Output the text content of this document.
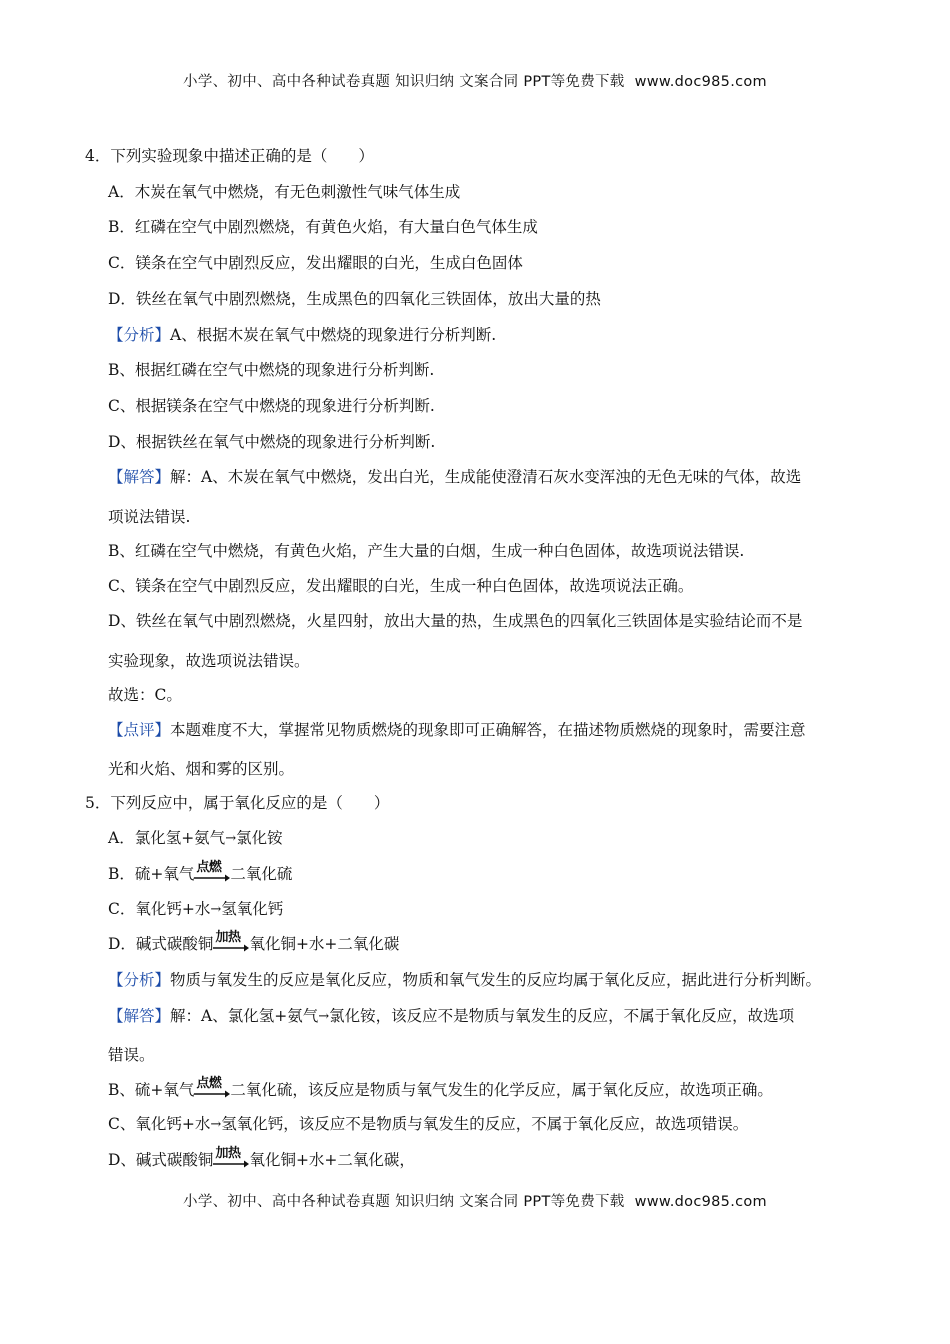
小学、初中、高中各种试卷真题 知识归纳 文案合同 PPT等免费下载 www.doc985.com
4．下列实验现象中描述正确的是（　　）
A．木炭在氧气中燃烧，有无色刺激性气味气体生成
B．红磷在空气中剧烈燃烧，有黄色火焰，有大量白色气体生成
C．镁条在空气中剧烈反应，发出耀眼的白光，生成白色固体
D．铁丝在氧气中剧烈燃烧，生成黑色的四氧化三铁固体，放出大量的热
【分析】A、根据木炭在氧气中燃烧的现象进行分析判断.
B、根据红磷在空气中燃烧的现象进行分析判断.
C、根据镁条在空气中燃烧的现象进行分析判断.
D、根据铁丝在氧气中燃烧的现象进行分析判断.
【解答】解：A、木炭在氧气中燃烧，发出白光，生成能使澄清石灰水变浑浊的无色无味的气体，故选
项说法错误.
B、红磷在空气中燃烧，有黄色火焰，产生大量的白烟，生成一种白色固体，故选项说法错误.
C、镁条在空气中剧烈反应，发出耀眼的白光，生成一种白色固体，故选项说法正确。
D、铁丝在氧气中剧烈燃烧，火星四射，放出大量的热，生成黑色的四氧化三铁固体是实验结论而不是
实验现象，故选项说法错误。
故选：C。
【点评】本题难度不大，掌握常见物质燃烧的现象即可正确解答，在描述物质燃烧的现象时，需要注意
光和火焰、烟和雾的区别。
5．下列反应中，属于氧化反应的是（　　）
A．氯化氢+氨气→氯化铵
B．硫+氧气 点燃 二氧化硫
C．氧化钙+水→氢氧化钙
D．碱式碳酸铜 加热 氧化铜+水+二氧化碳
【分析】物质与氧发生的反应是氧化反应，物质和氧气发生的反应均属于氧化反应，据此进行分析判断。
【解答】解：A、氯化氢+氨气→氯化铵，该反应不是物质与氧发生的反应，不属于氧化反应，故选项
错误。
B、硫+氧气 点燃 二氧化硫，该反应是物质与氧气发生的化学反应，属于氧化反应，故选项正确。
C、氧化钙+水→氢氧化钙，该反应不是物质与氧发生的反应，不属于氧化反应，故选项错误。
D、碱式碳酸铜 加热 氧化铜+水+二氧化碳，
小学、初中、高中各种试卷真题 知识归纳 文案合同 PPT等免费下载 www.doc985.com
